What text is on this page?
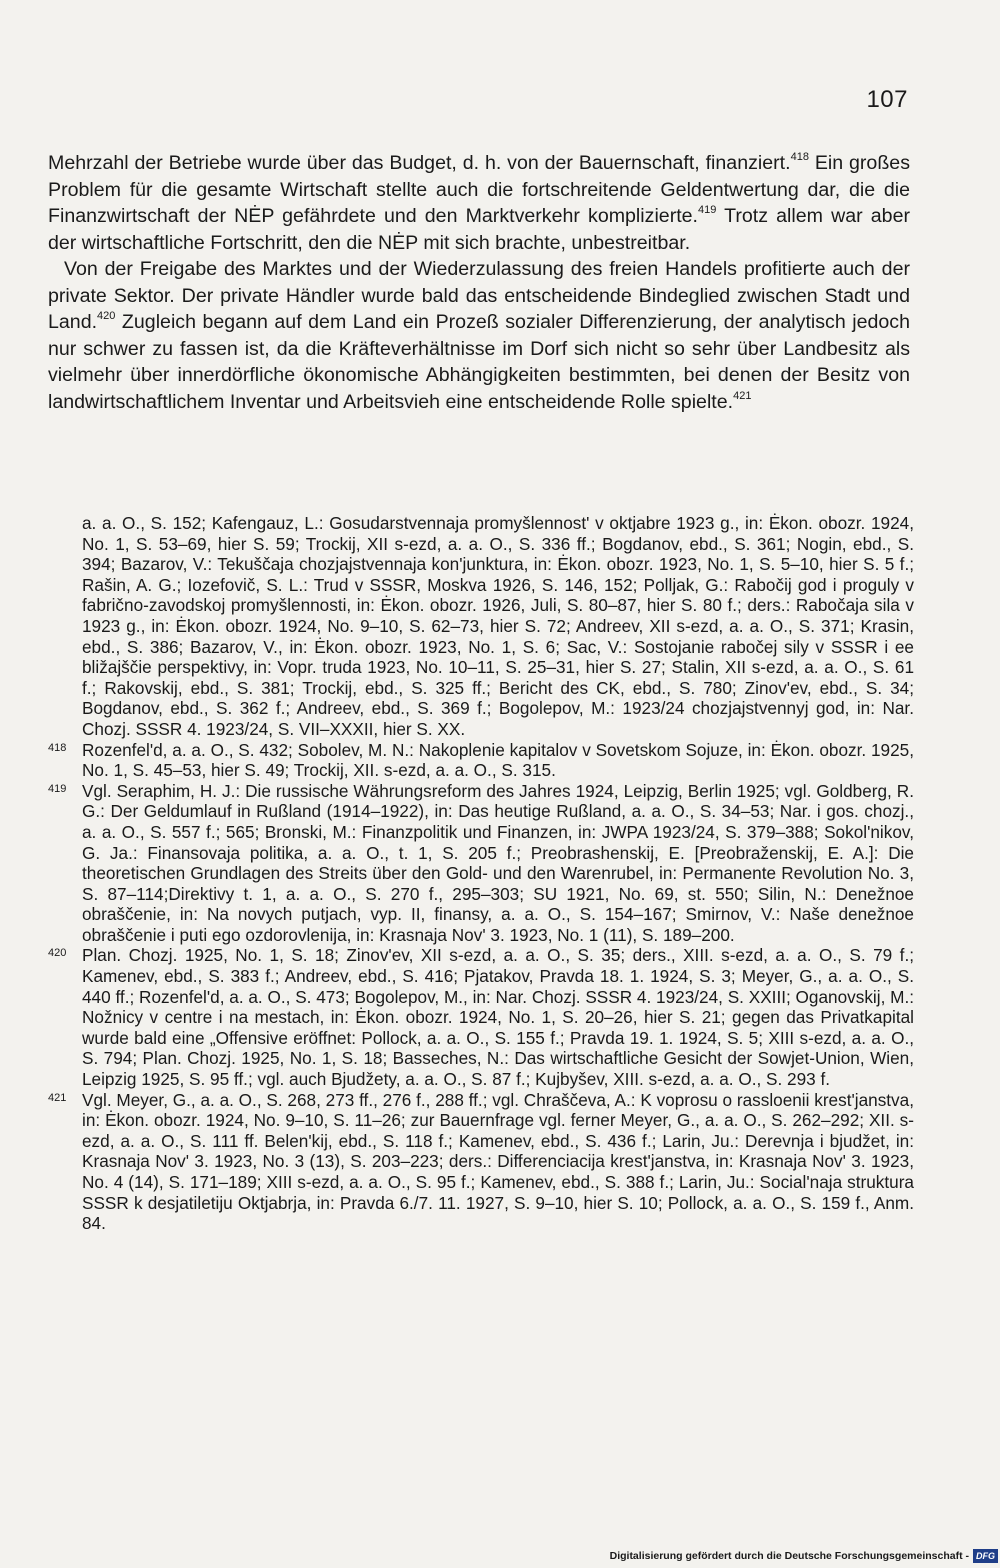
107

Mehrzahl der Betriebe wurde über das Budget, d. h. von der Bauernschaft, finanziert.$^{418}$ Ein großes Problem für die gesamte Wirtschaft stellte auch die fortschreitende Geldentwertung dar, die die Finanzwirtschaft der NĖP gefährdete und den Marktverkehr komplizierte.$^{419}$ Trotz allem war aber der wirtschaftliche Fortschritt, den die NĖP mit sich brachte, unbestreitbar.

Von der Freigabe des Marktes und der Wiederzulassung des freien Handels profitierte auch der private Sektor. Der private Händler wurde bald das entscheidende Bindeglied zwischen Stadt und Land.$^{420}$ Zugleich begann auf dem Land ein Prozeß sozialer Differenzierung, der analytisch jedoch nur schwer zu fassen ist, da die Kräfteverhältnisse im Dorf sich nicht so sehr über Landbesitz als vielmehr über innerdörfliche ökonomische Abhängigkeiten bestimmten, bei denen der Besitz von landwirtschaftlichem Inventar und Arbeitsvieh eine entscheidende Rolle spielte.$^{421}$

a. a. O., S. 152; Kafengauz, L.: Gosudarstvennaja promyšlennost' v oktjabre 1923 g., in: Ėkon. obozr. 1924, No. 1, S. 53–69, hier S. 59; Trockij, XII s-ezd, a. a. O., S. 336 ff.; Bogdanov, ebd., S. 361; Nogin, ebd., S. 394; Bazarov, V.: Tekuščaja chozjajstvennaja kon'junktura, in: Ėkon. obozr. 1923, No. 1, S. 5–10, hier S. 5 f.; Rašin, A. G.; Iozefovič, S. L.: Trud v SSSR, Moskva 1926, S. 146, 152; Polljak, G.: Rabočij god i proguly v fabrično-zavodskoj promyšlennosti, in: Ėkon. obozr. 1926, Juli, S. 80–87, hier S. 80 f.; ders.: Rabočaja sila v 1923 g., in: Ėkon. obozr. 1924, No. 9–10, S. 62–73, hier S. 72; Andreev, XII s-ezd, a. a. O., S. 371; Krasin, ebd., S. 386; Bazarov, V., in: Ėkon. obozr. 1923, No. 1, S. 6; Sac, V.: Sostojanie rabočej sily v SSSR i ee bližajščie perspektivy, in: Vopr. truda 1923, No. 10–11, S. 25–31, hier S. 27; Stalin, XII s-ezd, a. a. O., S. 61 f.; Rakovskij, ebd., S. 381; Trockij, ebd., S. 325 ff.; Bericht des CK, ebd., S. 780; Zinov'ev, ebd., S. 34; Bogdanov, ebd., S. 362 f.; Andreev, ebd., S. 369 f.; Bogolepov, M.: 1923/24 chozjajstvennyj god, in: Nar. Chozj. SSSR 4. 1923/24, S. VII–XXXII, hier S. XX.
418 Rozenfel'd, a. a. O., S. 432; Sobolev, M. N.: Nakoplenie kapitalov v Sovetskom Sojuze, in: Ėkon. obozr. 1925, No. 1, S. 45–53, hier S. 49; Trockij, XII. s-ezd, a. a. O., S. 315.
419 Vgl. Seraphim, H. J.: Die russische Währungsreform des Jahres 1924, Leipzig, Berlin 1925; vgl. Goldberg, R. G.: Der Geldumlauf in Rußland (1914–1922), in: Das heutige Rußland, a. a. O., S. 34–53; Nar. i gos. chozj., a. a. O., S. 557 f.; 565; Bronski, M.: Finanzpolitik und Finanzen, in: JWPA 1923/24, S. 379–388; Sokol'nikov, G. Ja.: Finansovaja politika, a. a. O., t. 1, S. 205 f.; Preobrashenskij, E. [Preobraženskij, E. A.]: Die theoretischen Grundlagen des Streits über den Gold- und den Warenrubel, in: Permanente Revolution No. 3, S. 87–114;Direktivy t. 1, a. a. O., S. 270 f., 295–303; SU 1921, No. 69, st. 550; Silin, N.: Denežnoe obraščenie, in: Na novych putjach, vyp. II, finansy, a. a. O., S. 154–167; Smirnov, V.: Naše denežnoe obraščenie i puti ego ozdorovlenija, in: Krasnaja Nov' 3. 1923, No. 1 (11), S. 189–200.
420 Plan. Chozj. 1925, No. 1, S. 18; Zinov'ev, XII s-ezd, a. a. O., S. 35; ders., XIII. s-ezd, a. a. O., S. 79 f.; Kamenev, ebd., S. 383 f.; Andreev, ebd., S. 416; Pjatakov, Pravda 18. 1. 1924, S. 3; Meyer, G., a. a. O., S. 440 ff.; Rozenfel'd, a. a. O., S. 473; Bogolepov, M., in: Nar. Chozj. SSSR 4. 1923/24, S. XXIII; Oganovskij, M.: Nožnicy v centre i na mestach, in: Ėkon. obozr. 1924, No. 1, S. 20–26, hier S. 21; gegen das Privatkapital wurde bald eine „Offensive eröffnet: Pollock, a. a. O., S. 155 f.; Pravda 19. 1. 1924, S. 5; XIII s-ezd, a. a. O., S. 794; Plan. Chozj. 1925, No. 1, S. 18; Basseches, N.: Das wirtschaftliche Gesicht der Sowjet-Union, Wien, Leipzig 1925, S. 95 ff.; vgl. auch Bjudžety, a. a. O., S. 87 f.; Kujbyšev, XIII. s-ezd, a. a. O., S. 293 f.
421 Vgl. Meyer, G., a. a. O., S. 268, 273 ff., 276 f., 288 ff.; vgl. Chraščeva, A.: K voprosu o rassloenii krest'janstva, in: Ėkon. obozr. 1924, No. 9–10, S. 11–26; zur Bauernfrage vgl. ferner Meyer, G., a. a. O., S. 262–292; XII. s-ezd, a. a. O., S. 111 ff. Belen'kij, ebd., S. 118 f.; Kamenev, ebd., S. 436 f.; Larin, Ju.: Derevnja i bjudžet, in: Krasnaja Nov' 3. 1923, No. 3 (13), S. 203–223; ders.: Differenciacija krest'janstva, in: Krasnaja Nov' 3. 1923, No. 4 (14), S. 171–189; XIII s-ezd, a. a. O., S. 95 f.; Kamenev, ebd., S. 388 f.; Larin, Ju.: Social'naja struktura SSSR k desjatiletiju Oktjabrja, in: Pravda 6./7. 11. 1927, S. 9–10, hier S. 10; Pollock, a. a. O., S. 159 f., Anm. 84.
Digitalisierung gefördert durch die Deutsche Forschungsgemeinschaft - DFG
